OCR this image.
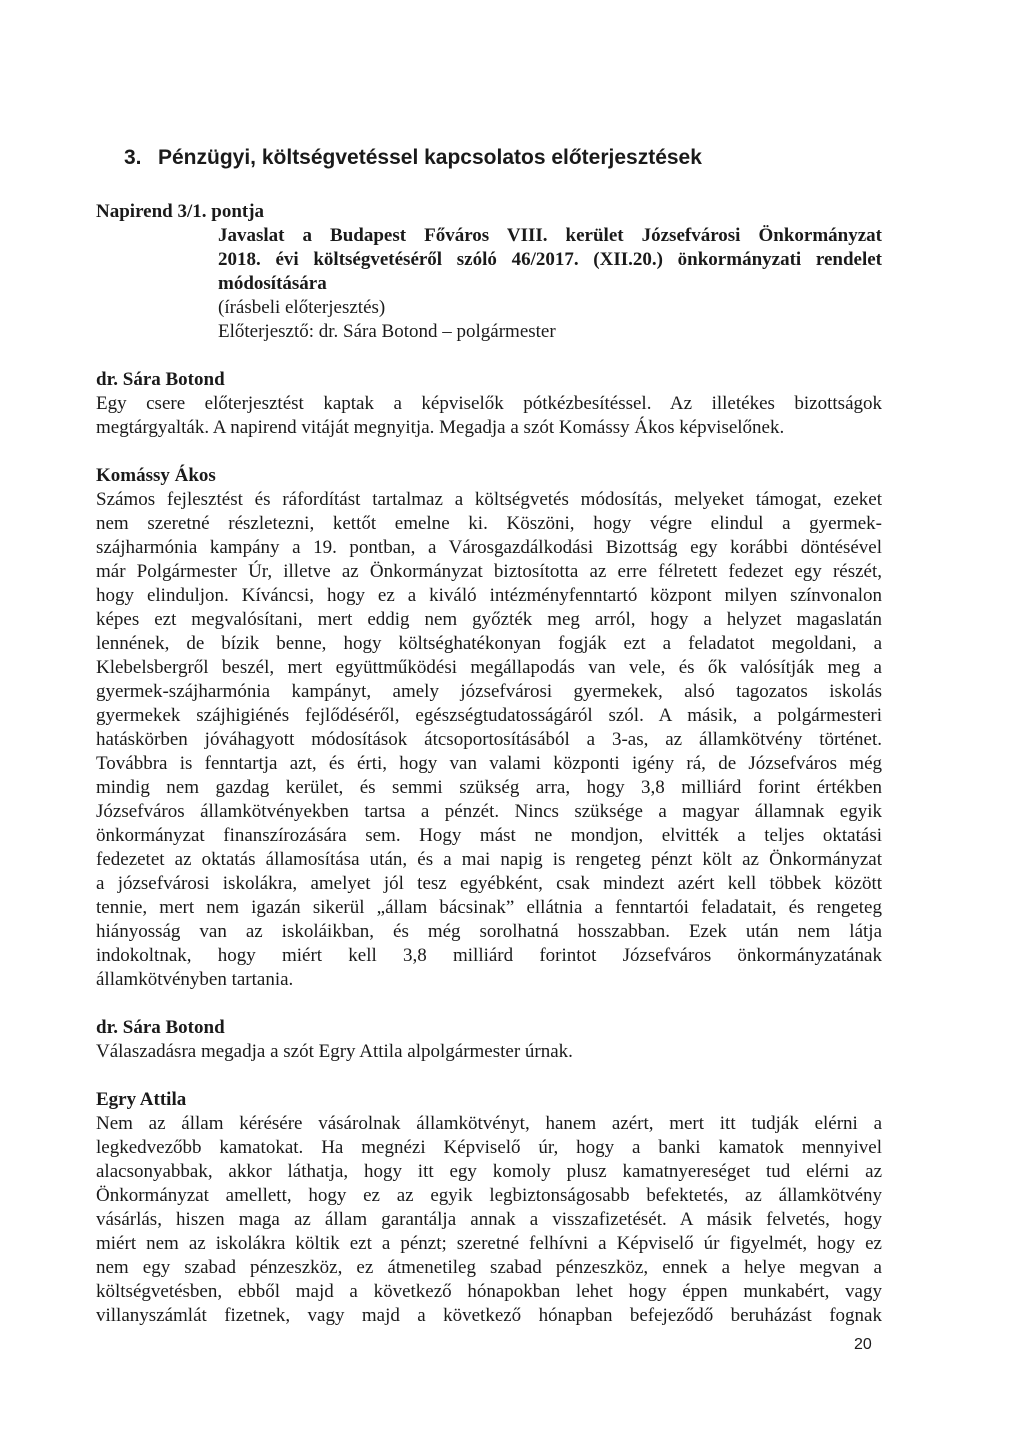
3. Pénzügyi, költségvetéssel kapcsolatos előterjesztések
Napirend 3/1. pontja
Javaslat a Budapest Főváros VIII. kerület Józsefvárosi Önkormányzat
2018. évi költségvetéséről szóló 46/2017. (XII.20.) önkormányzati rendelet
módosítására
(írásbeli előterjesztés)
Előterjesztő: dr. Sára Botond – polgármester
dr. Sára Botond
Egy csere előterjesztést kaptak a képviselők pótkézbesítéssel. Az illetékes bizottságok
megtárgyalták. A napirend vitáját megnyitja. Megadja a szót Komássy Ákos képviselőnek.
Komássy Ákos
Számos fejlesztést és ráfordítást tartalmaz a költségvetés módosítás, melyeket támogat, ezeket
nem szeretné részletezni, kettőt emelne ki. Köszöni, hogy végre elindul a gyermek-
szájharmónia kampány a 19. pontban, a Városgazdálkodási Bizottság egy korábbi döntésével
már Polgármester Úr, illetve az Önkormányzat biztosította az erre félretett fedezet egy részét,
hogy elinduljon. Kíváncsi, hogy ez a kiváló intézményfenntartó központ milyen színvonalon
képes ezt megvalósítani, mert eddig nem győzték meg arról, hogy a helyzet magaslatán
lennének, de bízik benne, hogy költséghatékonyan fogják ezt a feladatot megoldani, a
Klebelsbergről beszél, mert együttműködési megállapodás van vele, és ők valósítják meg a
gyermek-szájharmónia kampányt, amely józsefvárosi gyermekek, alsó tagozatos iskolás
gyermekek szájhigiénés fejlődéséről, egészségtudatosságáról szól. A másik, a polgármesteri
hatáskörben jóváhagyott módosítások átcsoportosításából a 3-as, az államkötvény történet.
Továbbra is fenntartja azt, és érti, hogy van valami központi igény rá, de Józsefváros még
mindig nem gazdag kerület, és semmi szükség arra, hogy 3,8 milliárd forint értékben
Józsefváros államkötvényekben tartsa a pénzét. Nincs szüksége a magyar államnak egyik
önkormányzat finanszírozására sem. Hogy mást ne mondjon, elvitték a teljes oktatási
fedezetet az oktatás államosítása után, és a mai napig is rengeteg pénzt költ az Önkormányzat
a józsefvárosi iskolákra, amelyet jól tesz egyébként, csak mindezt azért kell többek között
tennie, mert nem igazán sikerül „állam bácsinak” ellátnia a fenntartói feladatait, és rengeteg
hiányosság van az iskoláikban, és még sorolhatná hosszabban. Ezek után nem látja
indokoltnak, hogy miért kell 3,8 milliárd forintot Józsefváros önkormányzatának
államkötvényben tartania.
dr. Sára Botond
Válaszadásra megadja a szót Egry Attila alpolgármester úrnak.
Egry Attila
Nem az állam kérésére vásárolnak államkötvényt, hanem azért, mert itt tudják elérni a
legkedvezőbb kamatokat. Ha megnézi Képviselő úr, hogy a banki kamatok mennyivel
alacsonyabbak, akkor láthatja, hogy itt egy komoly plusz kamatnyereséget tud elérni az
Önkormányzat amellett, hogy ez az egyik legbiztonságosabb befektetés, az államkötvény
vásárlás, hiszen maga az állam garantálja annak a visszafizetését. A másik felvetés, hogy
miért nem az iskolákra költik ezt a pénzt; szeretné felhívni a Képviselő úr figyelmét, hogy ez
nem egy szabad pénzeszköz, ez átmenetileg szabad pénzeszköz, ennek a helye megvan a
költségvetésben, ebből majd a következő hónapokban lehet hogy éppen munkabért, vagy
villanyszámlát fizetnek, vagy majd a következő hónapban befejeződő beruházást fognak
20
